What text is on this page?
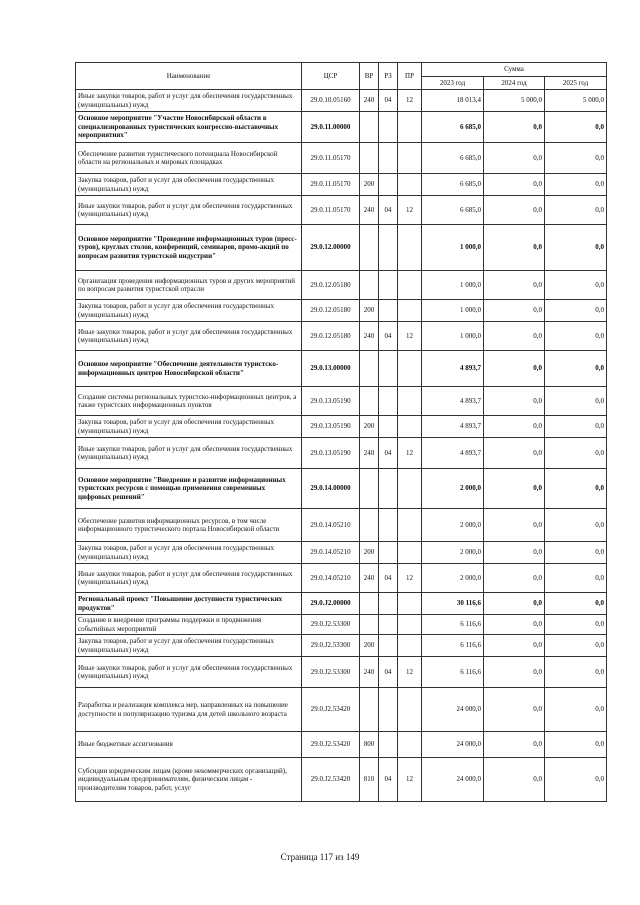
Наименование	ЦСР	ВР	РЗ	ПР	Сумма		
					2023 год	2024 год	2025 год
Иные закупки товаров, работ и услуг для обеспечения государственных (муниципальных) нужд	29.0.10.05160	240	04	12	18 013,4	5 000,0	5 000,0
Основное мероприятие "Участие Новосибирской области в специализированных туристических конгрессно-выставочных мероприятиях"	29.0.11.00000				6 685,0	0,0	0,0
Обеспечение развития туристического потенциала Новосибирской области на региональных и мировых площадках	29.0.11.05170				6 685,0	0,0	0,0
Закупка товаров, работ и услуг для обеспечения государственных (муниципальных) нужд	29.0.11.05170	200			6 685,0	0,0	0,0
Иные закупки товаров, работ и услуг для обеспечения государственных (муниципальных) нужд	29.0.11.05170	240	04	12	6 685,0	0,0	0,0
Основное мероприятие "Проведение информационных туров (пресс-туров), круглых столов, конференций, семинаров, промо-акций по вопросам развития туристской индустрии"	29.0.12.00000				1 000,0	0,0	0,0
Организация проведения информационных туров и других мероприятий по вопросам развития туристской отрасли	29.0.12.05180				1 000,0	0,0	0,0
Закупка товаров, работ и услуг для обеспечения государственных (муниципальных) нужд	29.0.12.05180	200			1 000,0	0,0	0,0
Иные закупки товаров, работ и услуг для обеспечения государственных (муниципальных) нужд	29.0.12.05180	240	04	12	1 000,0	0,0	0,0
Основное мероприятие "Обеспечение деятельности туристско-информационных центров Новосибирской области"	29.0.13.00000				4 893,7	0,0	0,0
Создание системы региональных туристско-информационных центров, а также туристских информационных пунктов	29.0.13.05190				4 893,7	0,0	0,0
Закупка товаров, работ и услуг для обеспечения государственных (муниципальных) нужд	29.0.13.05190	200			4 893,7	0,0	0,0
Иные закупки товаров, работ и услуг для обеспечения государственных (муниципальных) нужд	29.0.13.05190	240	04	12	4 893,7	0,0	0,0
Основное мероприятие "Внедрение и развитие информационных туристских ресурсов с помощью применения современных цифровых решений"	29.0.14.00000				2 000,0	0,0	0,0
Обеспечение развития информационных ресурсов, в том числе информационного туристического портала Новосибирской области	29.0.14.05210				2 000,0	0,0	0,0
Закупка товаров, работ и услуг для обеспечения государственных (муниципальных) нужд	29.0.14.05210	200			2 000,0	0,0	0,0
Иные закупки товаров, работ и услуг для обеспечения государственных (муниципальных) нужд	29.0.14.05210	240	04	12	2 000,0	0,0	0,0
Региональный проект "Повышение доступности туристических продуктов"	29.0.J2.00000				30 116,6	0,0	0,0
Создание и внедрение программы поддержки и продвижения событийных мероприятий	29.0.J2.53300				6 116,6	0,0	0,0
Закупка товаров, работ и услуг для обеспечения государственных (муниципальных) нужд	29.0.J2.53300	200			6 116,6	0,0	0,0
Иные закупки товаров, работ и услуг для обеспечения государственных (муниципальных) нужд	29.0.J2.53300	240	04	12	6 116,6	0,0	0,0
Разработка и реализация комплекса мер, направленных на повышение доступности и популяризацию туризма для детей школьного возраста	29.0.J2.53420				24 000,0	0,0	0,0
Иные бюджетные ассигнования	29.0.J2.53420	800			24 000,0	0,0	0,0
Субсидии юридическим лицам (кроме некоммерческих организаций), индивидуальным предпринимателям, физическим лицам - производителям товаров, работ, услуг	29.0.J2.53420	810	04	12	24 000,0	0,0	0,0
Страница 117 из 149
